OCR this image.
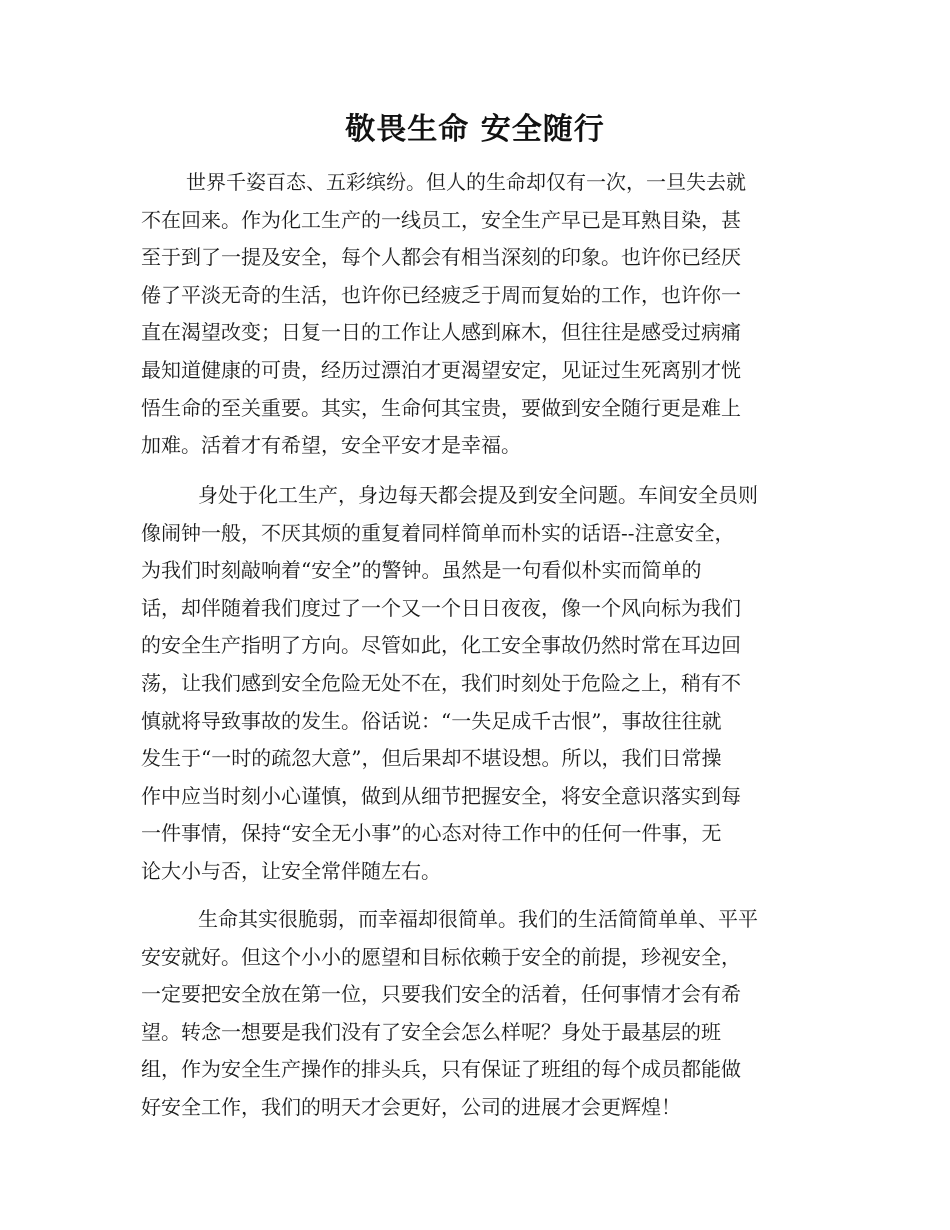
敬畏生命 安全随行
世界千姿百态、五彩缤纷。但人的生命却仅有一次，一旦失去就
不在回来。作为化工生产的一线员工，安全生产早已是耳熟目染，甚
至于到了一提及安全，每个人都会有相当深刻的印象。也许你已经厌
倦了平淡无奇的生活，也许你已经疲乏于周而复始的工作，也许你一
直在渴望改变；日复一日的工作让人感到麻木，但往往是感受过病痛
最知道健康的可贵，经历过漂泊才更渴望安定，见证过生死离别才恍
悟生命的至关重要。其实，生命何其宝贵，要做到安全随行更是难上
加难。活着才有希望，安全平安才是幸福。
身处于化工生产，身边每天都会提及到安全问题。车间安全员则
像闹钟一般，不厌其烦的重复着同样简单而朴实的话语--注意安全，
为我们时刻敲响着“安全”的警钟。虽然是一句看似朴实而简单的
话，却伴随着我们度过了一个又一个日日夜夜，像一个风向标为我们
的安全生产指明了方向。尽管如此，化工安全事故仍然时常在耳边回
荡，让我们感到安全危险无处不在，我们时刻处于危险之上，稍有不
慎就将导致事故的发生。俗话说：“一失足成千古恨”，事故往往就
发生于“一时的疏忽大意”，但后果却不堪设想。所以，我们日常操
作中应当时刻小心谨慎，做到从细节把握安全，将安全意识落实到每
一件事情，保持“安全无小事”的心态对待工作中的任何一件事，无
论大小与否，让安全常伴随左右。
生命其实很脆弱，而幸福却很简单。我们的生活简简单单、平平
安安就好。但这个小小的愿望和目标依赖于安全的前提，珍视安全，
一定要把安全放在第一位，只要我们安全的活着，任何事情才会有希
望。转念一想要是我们没有了安全会怎么样呢？身处于最基层的班
组，作为安全生产操作的排头兵，只有保证了班组的每个成员都能做
好安全工作，我们的明天才会更好，公司的进展才会更辉煌！
